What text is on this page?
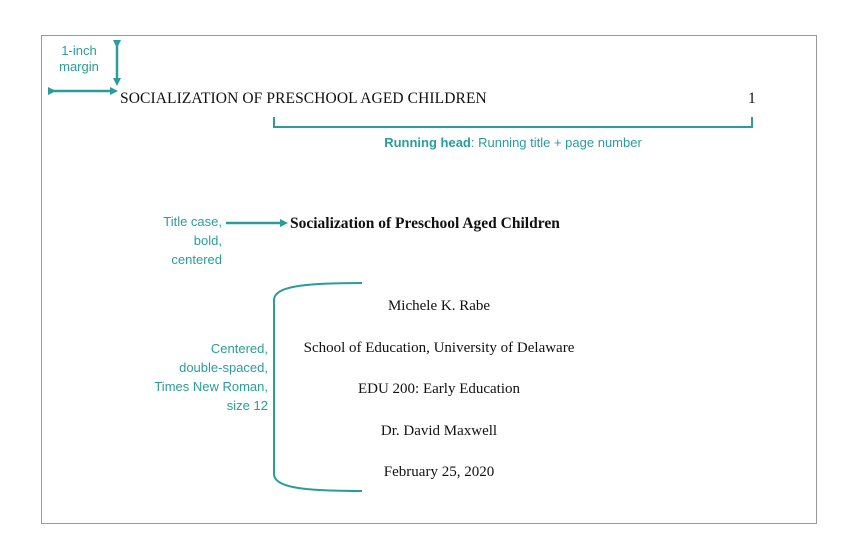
SOCIALIZATION OF PRESCHOOL AGED CHILDREN	1
Socialization of Preschool Aged Children
Michele K. Rabe
School of Education, University of Delaware
EDU 200: Early Education
Dr. David Maxwell
February 25, 2020
1-inch
margin
Running head: Running title + page number
Title case,
bold,
centered
Centered,
double-spaced,
Times New Roman,
size 12
